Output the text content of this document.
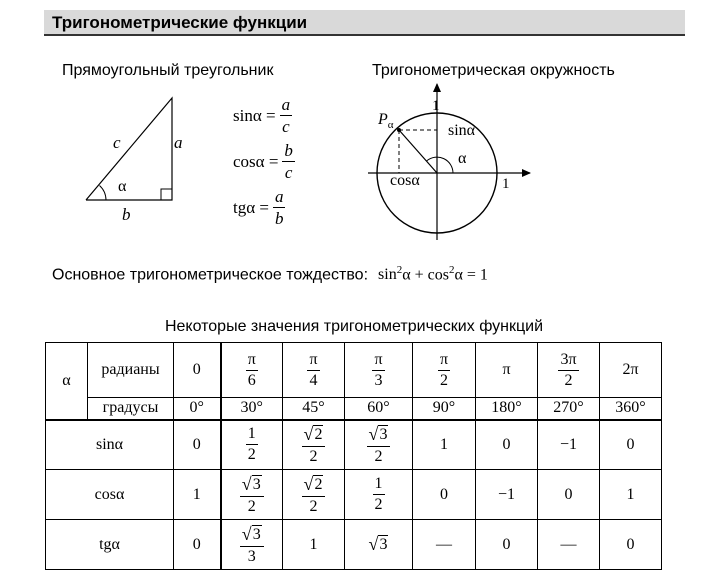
Тригонометрические функции
Прямоугольный треугольник
c	a
b
α
$\sin\alpha = \frac{a}{c}$
$\cos\alpha = \frac{b}{c}$
$tg\alpha = \frac{a}{b}$
Тригонометрическая окружность
$P_\alpha$
1
sinα
α
cosα	1
Основное тригонометрическое тождество: $\sin^2\alpha + \cos^2\alpha = 1$
Некоторые значения тригонометрических функций
α	радианы	0	$\frac{\pi}{6}$	$\frac{\pi}{4}$	$\frac{\pi}{3}$	$\frac{\pi}{2}$	π	$\frac{3\pi}{2}$	2π
	градусы	0°	30°	45°	60°	90°	180°	270°	360°
sinα		0	$\frac{1}{2}$	$\frac{√ 2}{2}$	$\frac{√ 3}{2}$	1	0	−1	0
cosα		1	$\frac{√ 3}{2}$	$\frac{√ 2}{2}$	$\frac{1}{2}$	0	−1	0	1
tgα		0	$\frac{√ 3}{3}$	1	√ 3	—	0	—	0
